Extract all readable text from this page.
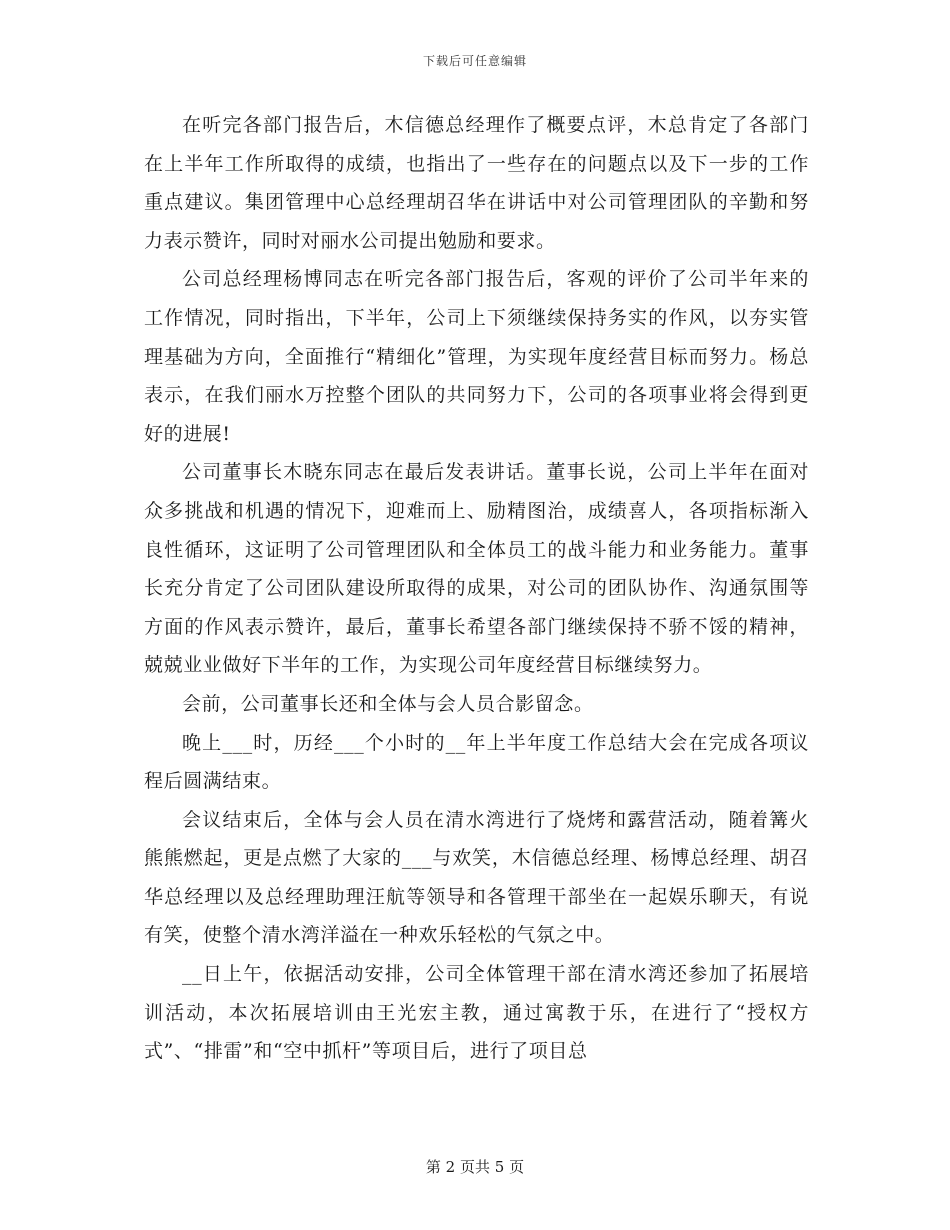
下载后可任意编辑

在听完各部门报告后，木信德总经理作了概要点评，木总肯定了各部门在上半年工作所取得的成绩，也指出了一些存在的问题点以及下一步的工作重点建议。集团管理中心总经理胡召华在讲话中对公司管理团队的辛勤和努力表示赞许，同时对丽水公司提出勉励和要求。

公司总经理杨博同志在听完各部门报告后，客观的评价了公司半年来的工作情况，同时指出，下半年，公司上下须继续保持务实的作风，以夯实管理基础为方向，全面推行“精细化”管理，为实现年度经营目标而努力。杨总表示，在我们丽水万控整个团队的共同努力下，公司的各项事业将会得到更好的进展!

公司董事长木晓东同志在最后发表讲话。董事长说，公司上半年在面对众多挑战和机遇的情况下，迎难而上、励精图治，成绩喜人，各项指标渐入良性循环，这证明了公司管理团队和全体员工的战斗能力和业务能力。董事长充分肯定了公司团队建设所取得的成果，对公司的团队协作、沟通氛围等方面的作风表示赞许，最后，董事长希望各部门继续保持不骄不馁的精神，兢兢业业做好下半年的工作，为实现公司年度经营目标继续努力。

会前，公司董事长还和全体与会人员合影留念。

晚上___时，历经___个小时的__年上半年度工作总结大会在完成各项议程后圆满结束。

会议结束后，全体与会人员在清水湾进行了烧烤和露营活动，随着篝火熊熊燃起，更是点燃了大家的___与欢笑，木信德总经理、杨博总经理、胡召华总经理以及总经理助理汪航等领导和各管理干部坐在一起娱乐聊天，有说有笑，使整个清水湾洋溢在一种欢乐轻松的气氛之中。

__日上午，依据活动安排，公司全体管理干部在清水湾还参加了拓展培训活动，本次拓展培训由王光宏主教，通过寓教于乐，在进行了“授权方式”、“排雷”和“空中抓杆”等项目后，进行了项目总

第 2 页共 5 页
